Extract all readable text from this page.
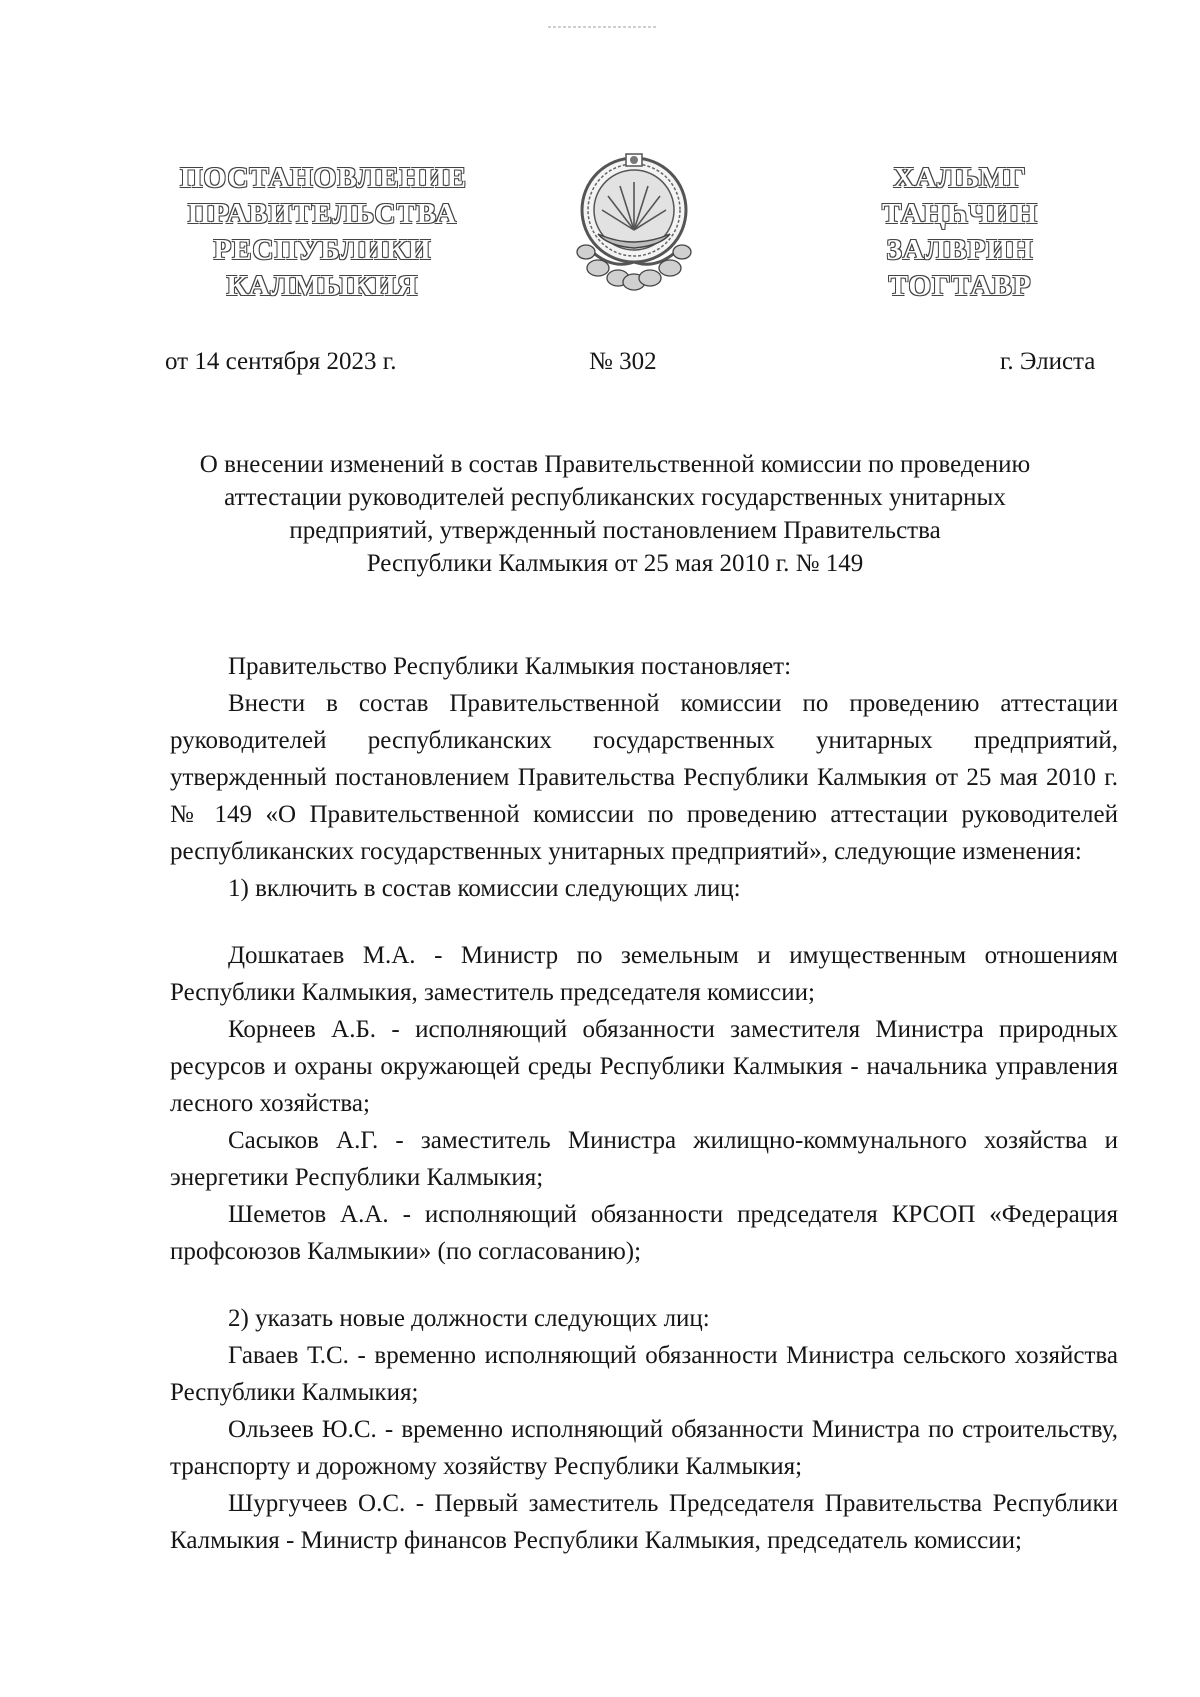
ПОСТАНОВЛЕНИЕ
ПРАВИТЕЛЬСТВА
РЕСПУБЛИКИ
КАЛМЫКИЯ
ХАЛЬМГ
ТАҢҺЧИН
ЗАЛВРИН
ТОГТАВР
от 14 сентября 2023 г.	№ 302	г. Элиста
О внесении изменений в состав Правительственной комиссии по проведению
аттестации руководителей республиканских государственных унитарных
предприятий, утвержденный постановлением Правительства
Республики Калмыкия от 25 мая 2010 г. № 149

Правительство Республики Калмыкия постановляет:

Внести в состав Правительственной комиссии по проведению аттестации руководителей республиканских государственных унитарных предприятий, утвержденный постановлением Правительства Республики Калмыкия от 25 мая 2010 г. № 149 «О Правительственной комиссии по проведению аттестации руководителей республиканских государственных унитарных предприятий», следующие изменения:

1) включить в состав комиссии следующих лиц:

Дошкатаев М.А. - Министр по земельным и имущественным отношениям Республики Калмыкия, заместитель председателя комиссии;

Корнеев А.Б. - исполняющий обязанности заместителя Министра природных ресурсов и охраны окружающей среды Республики Калмыкия - начальника управления лесного хозяйства;

Сасыков А.Г. - заместитель Министра жилищно-коммунального хозяйства и энергетики Республики Калмыкия;

Шеметов А.А. - исполняющий обязанности председателя КРСОП «Федерация профсоюзов Калмыкии» (по согласованию);

2) указать новые должности следующих лиц:

Гаваев Т.С. - временно исполняющий обязанности Министра сельского хозяйства Республики Калмыкия;

Ользеев Ю.С. - временно исполняющий обязанности Министра по строительству, транспорту и дорожному хозяйству Республики Калмыкия;

Шургучеев О.С. - Первый заместитель Председателя Правительства Республики Калмыкия - Министр финансов Республики Калмыкия, председатель комиссии;
